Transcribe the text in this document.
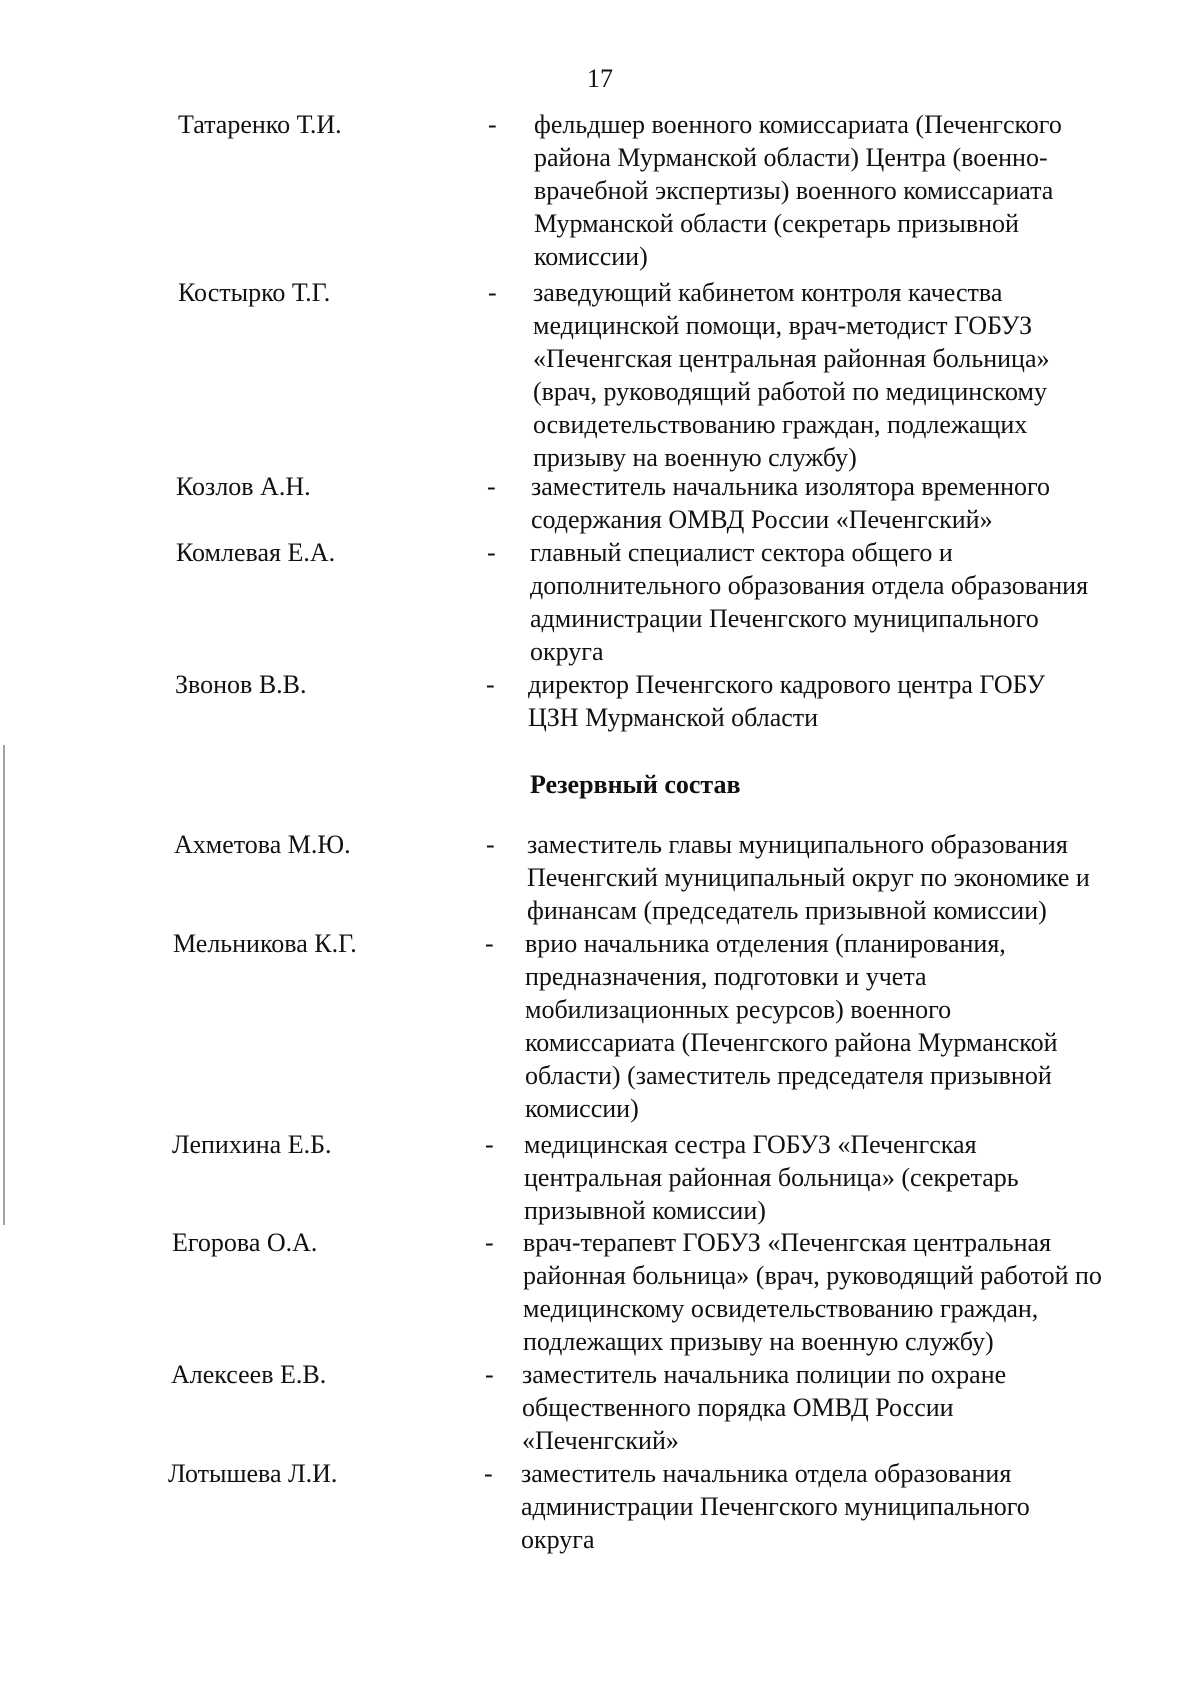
17
Татаренко Т.И.	- фельдшер военного комиссариата (Печенгского района Мурманской области) Центра (военно-врачебной экспертизы) военного комиссариата Мурманской области (секретарь призывной комиссии)
Костырко Т.Г.	- заведующий кабинетом контроля качества медицинской помощи, врач-методист ГОБУЗ «Печенгская центральная районная больница» (врач, руководящий работой по медицинскому освидетельствованию граждан, подлежащих призыву на военную службу)
Козлов А.Н.	- заместитель начальника изолятора временного содержания ОМВД России «Печенгский»
Комлевая Е.А.	- главный специалист сектора общего и дополнительного образования отдела образования администрации Печенгского муниципального округа
Звонов В.В.	- директор Печенгского кадрового центра ГОБУ ЦЗН Мурманской области
Резервный состав
Ахметова М.Ю.	- заместитель главы муниципального образования Печенгский муниципальный округ по экономике и финансам (председатель призывной комиссии)
Мельникова К.Г.	- врио начальника отделения (планирования, предназначения, подготовки и учета мобилизационных ресурсов) военного комиссариата (Печенгского района Мурманской области) (заместитель председателя призывной комиссии)
Лепихина Е.Б.	- медицинская сестра ГОБУЗ «Печенгская центральная районная больница» (секретарь призывной комиссии)
Егорова О.А.	- врач-терапевт ГОБУЗ «Печенгская центральная районная больница» (врач, руководящий работой по медицинскому освидетельствованию граждан, подлежащих призыву на военную службу)
Алексеев Е.В.	- заместитель начальника полиции по охране общественного порядка ОМВД России «Печенгский»
Лотышева Л.И.	- заместитель начальника отдела образования администрации Печенгского муниципального округа
